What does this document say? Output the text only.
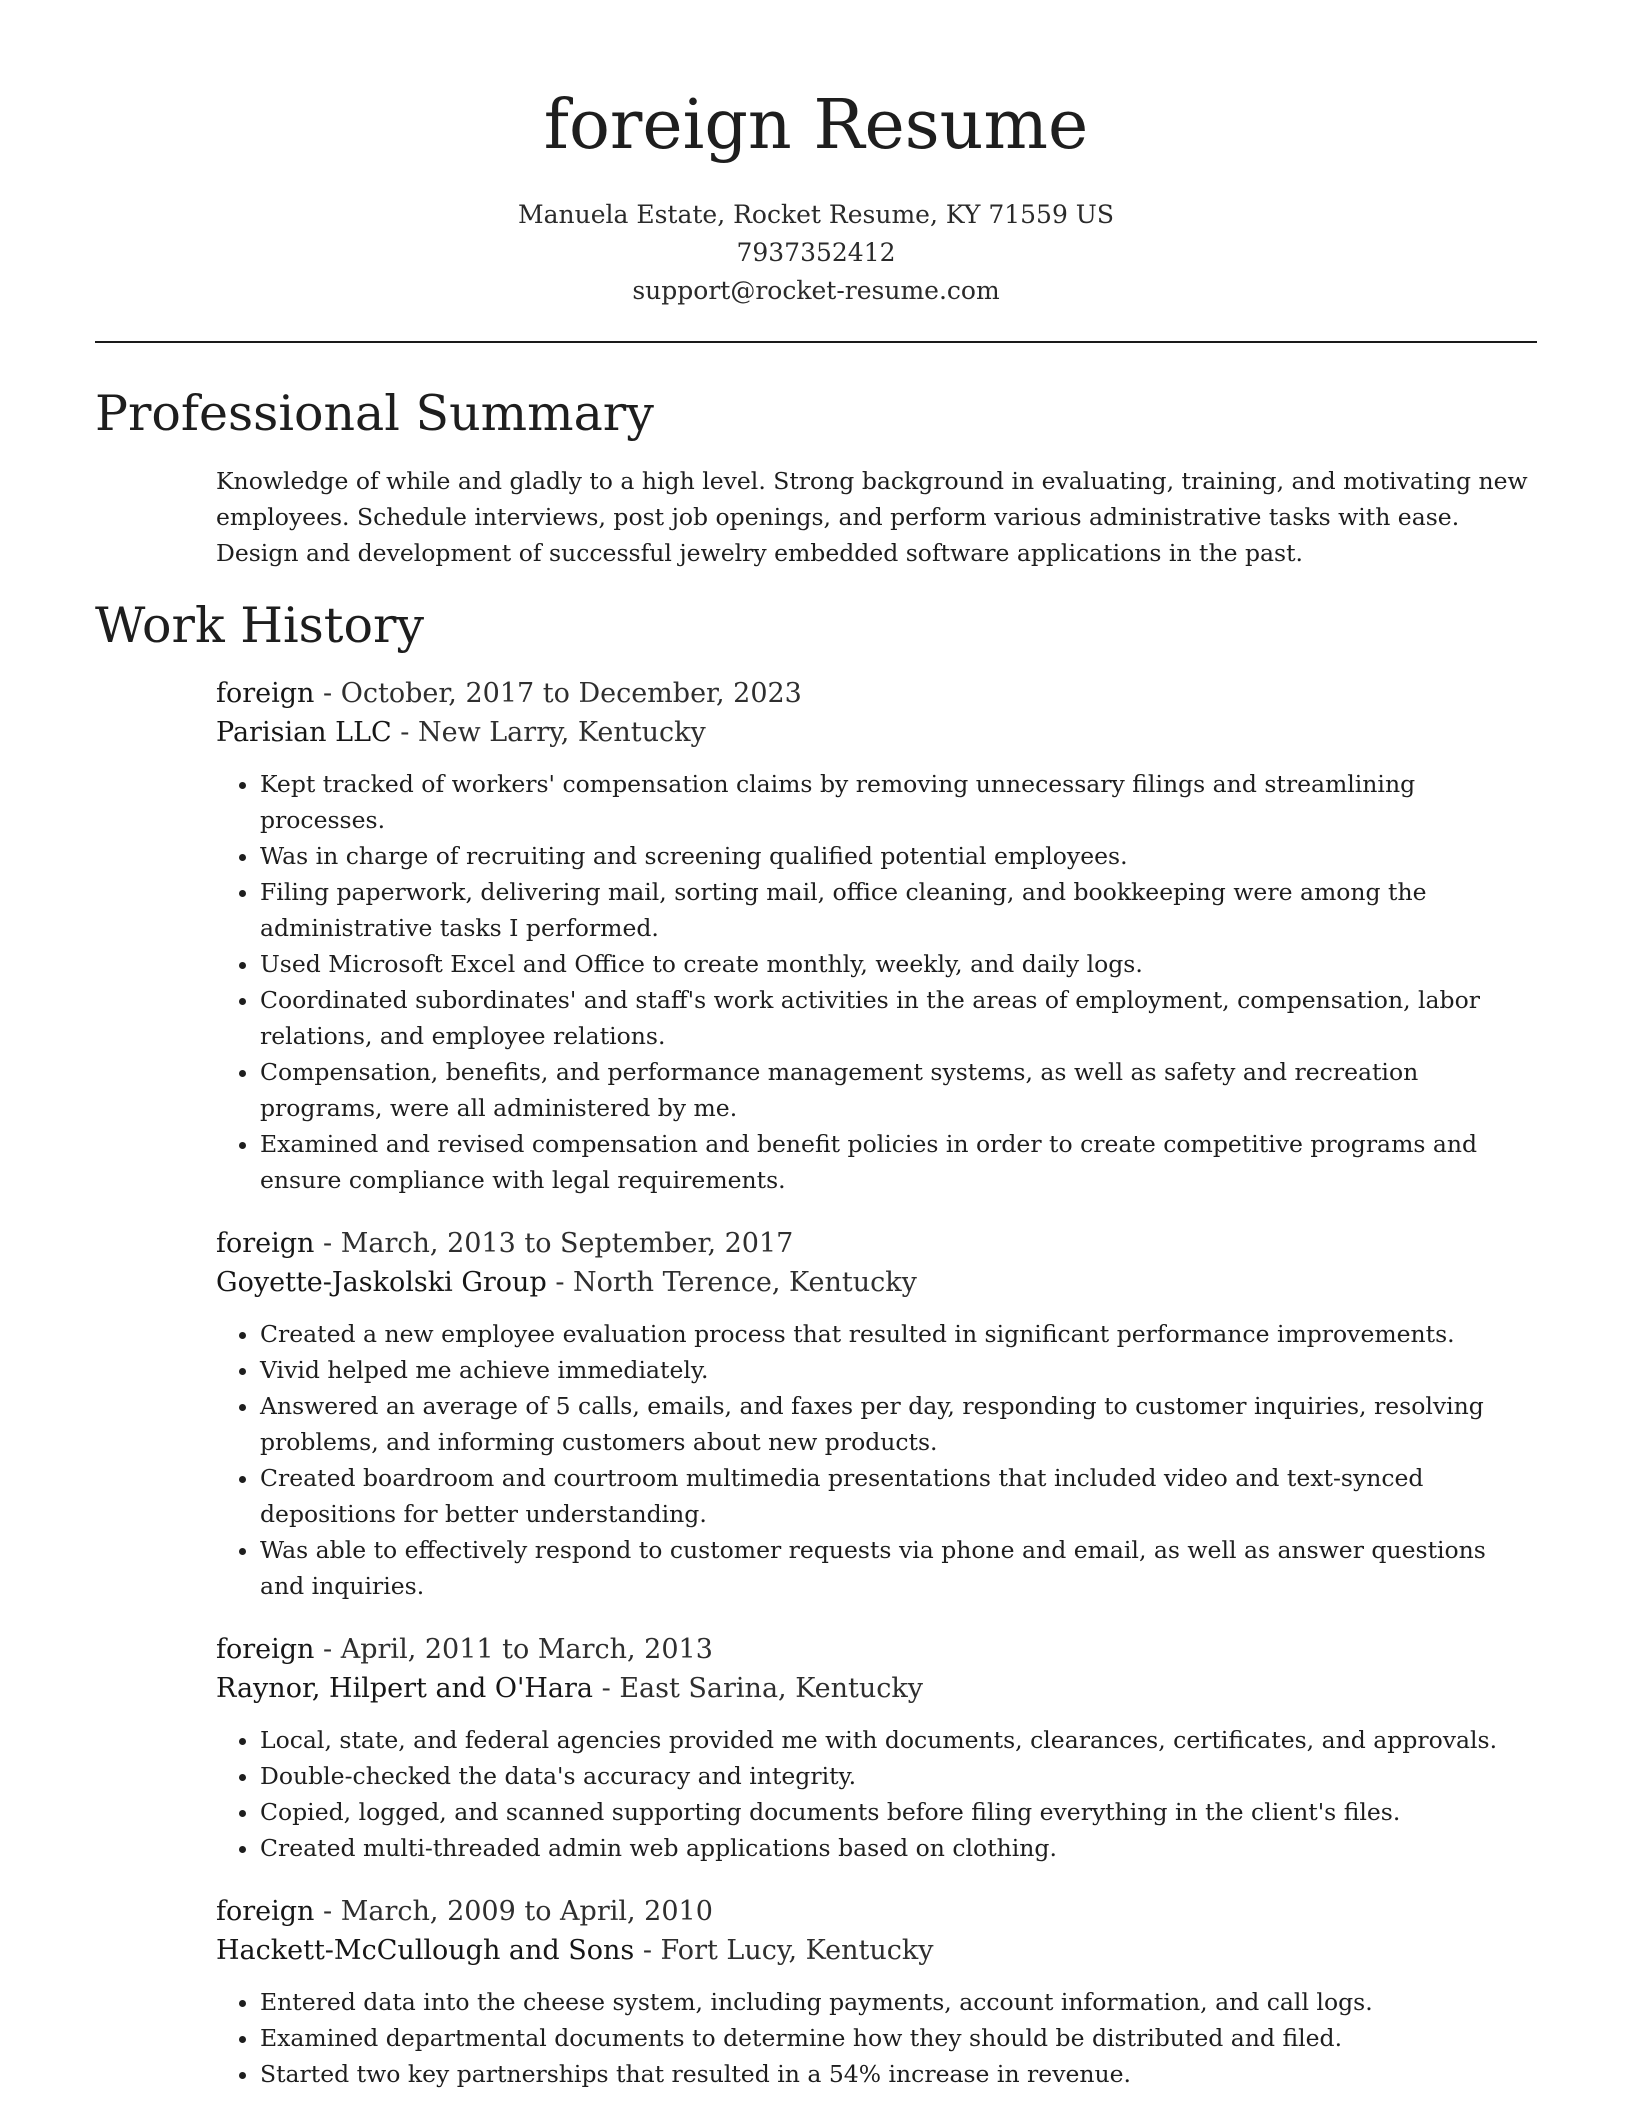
foreign Resume
Manuela Estate, Rocket Resume, KY 71559 US
7937352412
support@rocket-resume.com
Professional Summary
Knowledge of while and gladly to a high level. Strong background in evaluating, training, and motivating new employees. Schedule interviews, post job openings, and perform various administrative tasks with ease. Design and development of successful jewelry embedded software applications in the past.
Work History
foreign - October, 2017 to December, 2023
Parisian LLC - New Larry, Kentucky
• Kept tracked of workers' compensation claims by removing unnecessary filings and streamlining processes.
• Was in charge of recruiting and screening qualified potential employees.
• Filing paperwork, delivering mail, sorting mail, office cleaning, and bookkeeping were among the administrative tasks I performed.
• Used Microsoft Excel and Office to create monthly, weekly, and daily logs.
• Coordinated subordinates' and staff's work activities in the areas of employment, compensation, labor relations, and employee relations.
• Compensation, benefits, and performance management systems, as well as safety and recreation programs, were all administered by me.
• Examined and revised compensation and benefit policies in order to create competitive programs and ensure compliance with legal requirements.
foreign - March, 2013 to September, 2017
Goyette-Jaskolski Group - North Terence, Kentucky
• Created a new employee evaluation process that resulted in significant performance improvements.
• Vivid helped me achieve immediately.
• Answered an average of 5 calls, emails, and faxes per day, responding to customer inquiries, resolving problems, and informing customers about new products.
• Created boardroom and courtroom multimedia presentations that included video and text-synced depositions for better understanding.
• Was able to effectively respond to customer requests via phone and email, as well as answer questions and inquiries.
foreign - April, 2011 to March, 2013
Raynor, Hilpert and O'Hara - East Sarina, Kentucky
• Local, state, and federal agencies provided me with documents, clearances, certificates, and approvals.
• Double-checked the data's accuracy and integrity.
• Copied, logged, and scanned supporting documents before filing everything in the client's files.
• Created multi-threaded admin web applications based on clothing.
foreign - March, 2009 to April, 2010
Hackett-McCullough and Sons - Fort Lucy, Kentucky
• Entered data into the cheese system, including payments, account information, and call logs.
• Examined departmental documents to determine how they should be distributed and filed.
• Started two key partnerships that resulted in a 54% increase in revenue.
